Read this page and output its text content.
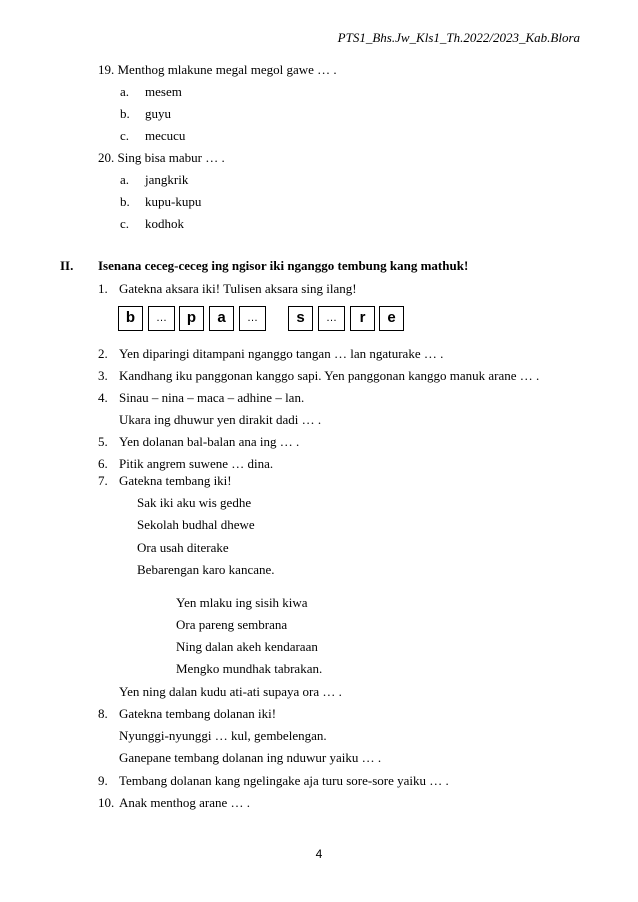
PTS1_Bhs.Jw_Kls1_Th.2022/2023_Kab.Blora
19. Menthog mlakune megal megol gawe … .
a. mesem
b. guyu
c. mecucu
20. Sing bisa mabur … .
a. jangkrik
b. kupu-kupu
c. kodhok
II. Isenana ceceg-ceceg ing ngisor iki nganggo tembung kang mathuk!
1. Gatekna aksara iki! Tulisen aksara sing ilang!
b	…	p	a	…	s	…	r	e
2. Yen diparingi ditampani nganggo tangan … lan ngaturake … .
3. Kandhang iku panggonan kanggo sapi. Yen panggonan kanggo manuk arane … .
4. Sinau – nina – maca – adhine – lan.
Ukara ing dhuwur yen dirakit dadi … .
5. Yen dolanan bal-balan ana ing … .
6. Pitik angrem suwene … dina.
7. Gatekna tembang iki!
Sak iki aku wis gedhe
Sekolah budhal dhewe
Ora usah diterake
Bebarengan karo kancane.
Yen mlaku ing sisih kiwa
Ora pareng sembrana
Ning dalan akeh kendaraan
Mengko mundhak tabrakan.
Yen ning dalan kudu ati-ati supaya ora … .
8. Gatekna tembang dolanan iki!
Nyunggi-nyunggi … kul, gembelengan.
Ganepane tembang dolanan ing nduwur yaiku … .
9. Tembang dolanan kang ngelingake aja turu sore-sore yaiku … .
10. Anak menthog arane … .
4
